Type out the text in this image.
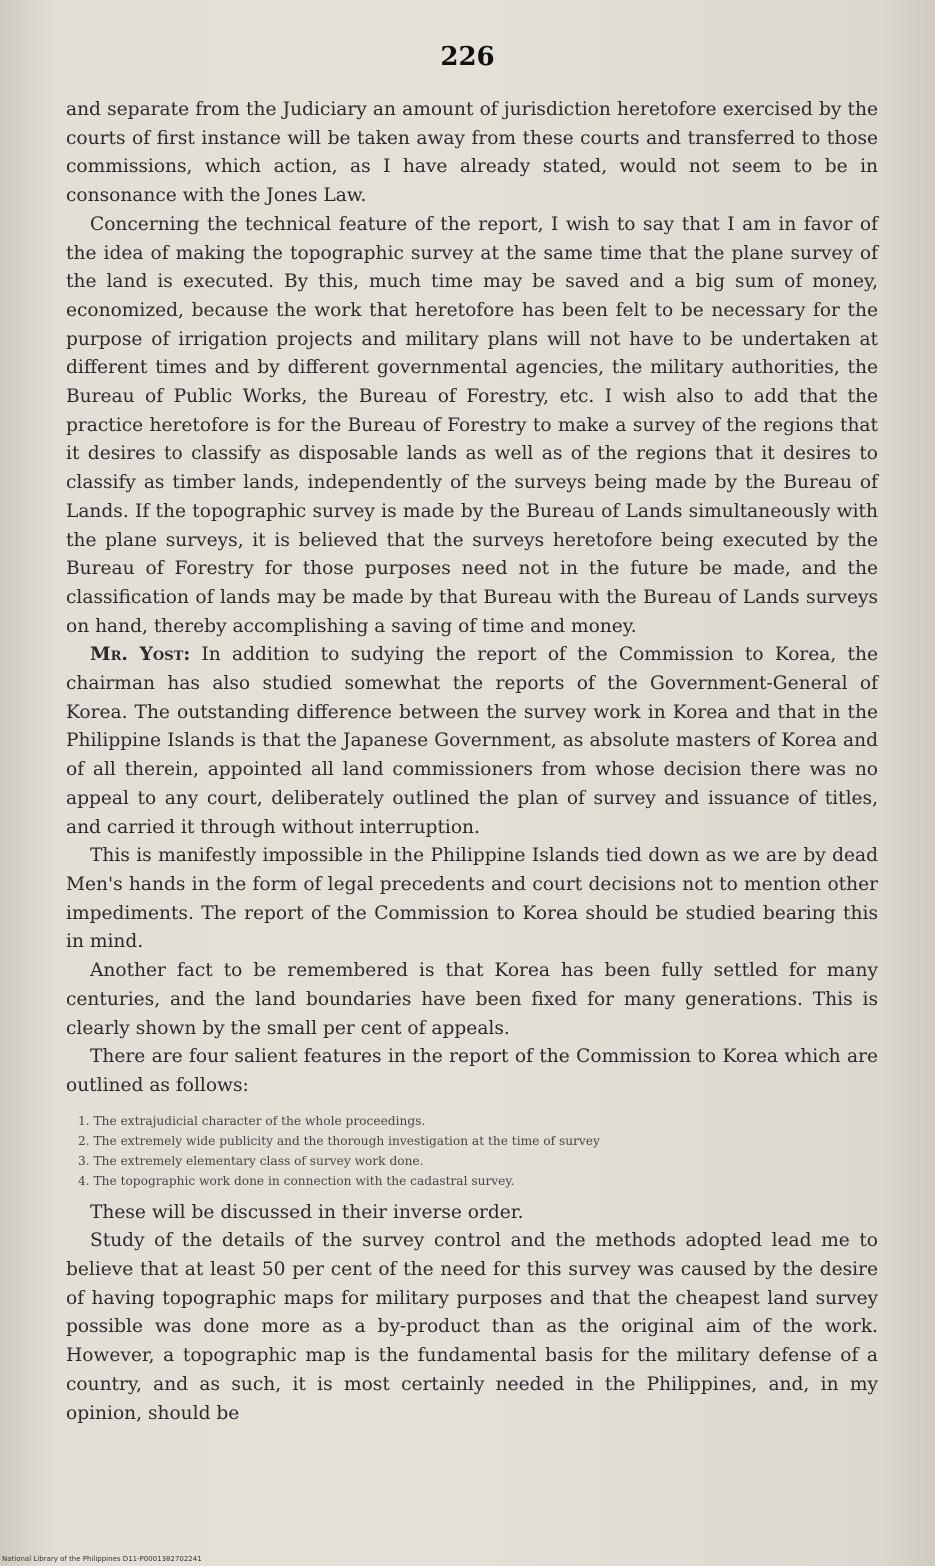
226

and separate from the Judiciary an amount of jurisdiction heretofore exercised by the courts of first instance will be taken away from these courts and transferred to those commissions, which action, as I have already stated, would not seem to be in consonance with the Jones Law.

Concerning the technical feature of the report, I wish to say that I am in favor of the idea of making the topographic survey at the same time that the plane survey of the land is executed. By this, much time may be saved and a big sum of money, economized, because the work that heretofore has been felt to be necessary for the purpose of irrigation projects and military plans will not have to be undertaken at different times and by different governmental agencies, the military authorities, the Bureau of Public Works, the Bureau of Forestry, etc. I wish also to add that the practice heretofore is for the Bureau of Forestry to make a survey of the regions that it desires to classify as disposable lands as well as of the regions that it desires to classify as timber lands, independently of the surveys being made by the Bureau of Lands. If the topographic survey is made by the Bureau of Lands simultaneously with the plane surveys, it is believed that the surveys heretofore being executed by the Bureau of Forestry for those purposes need not in the future be made, and the classification of lands may be made by that Bureau with the Bureau of Lands surveys on hand, thereby accomplishing a saving of time and money.

Mr. Yost: In addition to sudying the report of the Commission to Korea, the chairman has also studied somewhat the reports of the Government-General of Korea. The outstanding difference between the survey work in Korea and that in the Philippine Islands is that the Japanese Government, as absolute masters of Korea and of all therein, appointed all land commissioners from whose decision there was no appeal to any court, deliberately outlined the plan of survey and issuance of titles, and carried it through without interruption.

This is manifestly impossible in the Philippine Islands tied down as we are by dead Men's hands in the form of legal precedents and court decisions not to mention other impediments. The report of the Commission to Korea should be studied bearing this in mind.

Another fact to be remembered is that Korea has been fully settled for many centuries, and the land boundaries have been fixed for many generations. This is clearly shown by the small per cent of appeals.

There are four salient features in the report of the Commission to Korea which are outlined as follows:

1. The extrajudicial character of the whole proceedings.
2. The extremely wide publicity and the thorough investigation at the time of survey
3. The extremely elementary class of survey work done.
4. The topographic work done in connection with the cadastral survey.

These will be discussed in their inverse order.

Study of the details of the survey control and the methods adopted lead me to believe that at least 50 per cent of the need for this survey was caused by the desire of having topographic maps for military purposes and that the cheapest land survey possible was done more as a by-product than as the original aim of the work. However, a topographic map is the fundamental basis for the military defense of a country, and as such, it is most certainly needed in the Philippines, and, in my opinion, should be

National Library of the Philippines D11-P0001382702241
